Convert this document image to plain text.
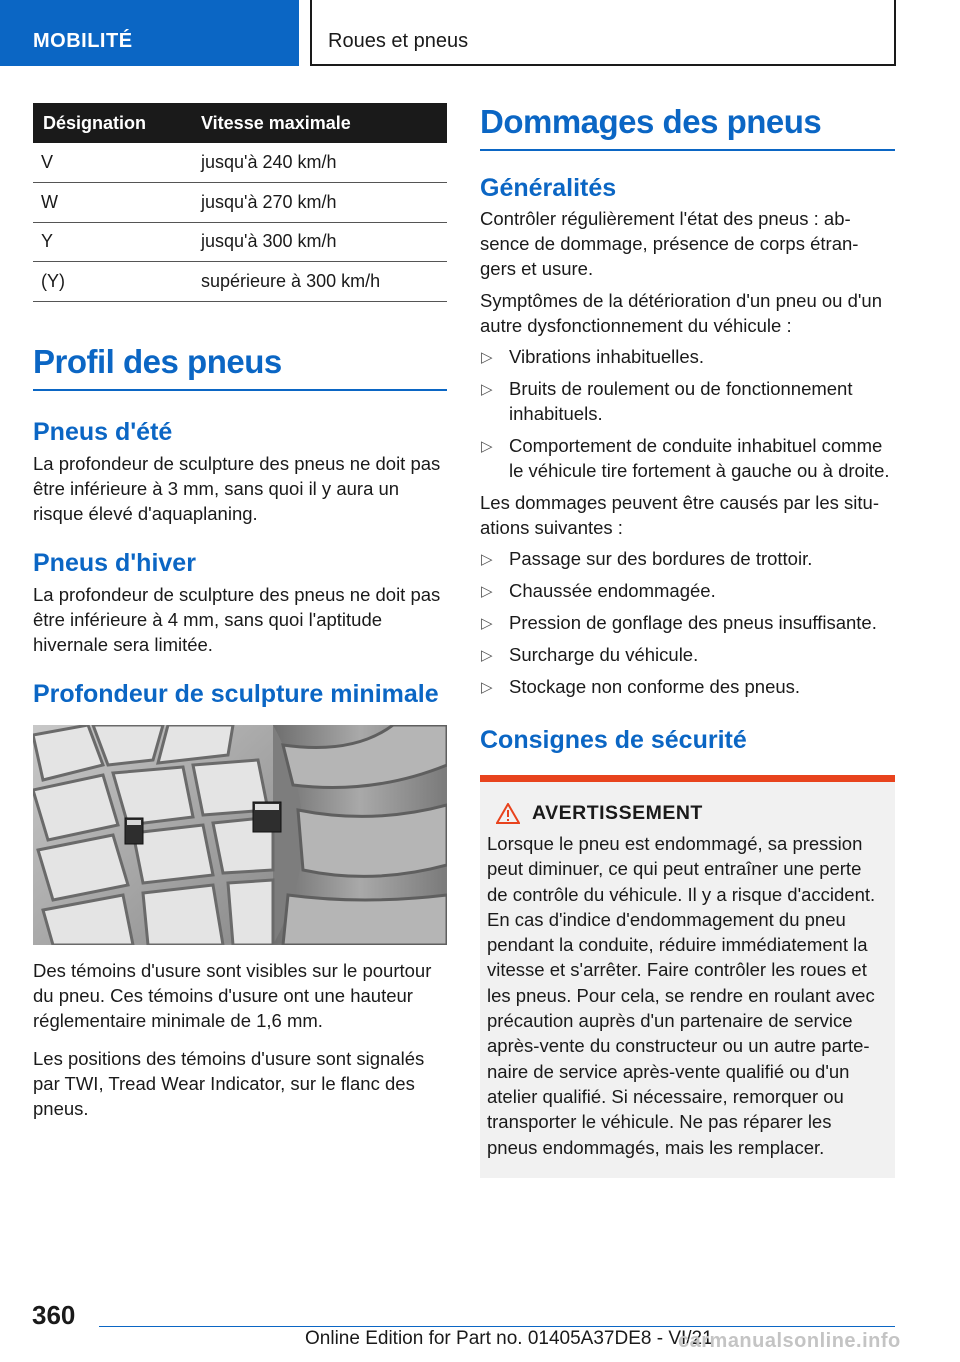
MOBILITÉ	Roues et pneus
Désignation	Vitesse maximale
V	jusqu'à 240 km/h
W	jusqu'à 270 km/h
Y	jusqu'à 300 km/h
(Y)	supérieure à 300 km/h
Profil des pneus
Pneus d'été

La profondeur de sculpture des pneus ne doit pas être inférieure à 3 mm, sans quoi il y aura un risque élevé d'aquaplaning.

Pneus d'hiver

La profondeur de sculpture des pneus ne doit pas être inférieure à 4 mm, sans quoi l'aptitude hivernale sera limitée.

Profondeur de sculpture minimale

Des témoins d'usure sont visibles sur le pourtour du pneu. Ces témoins d'usure ont une hauteur réglementaire minimale de 1,6 mm.

Les positions des témoins d'usure sont signalés par TWI, Tread Wear Indicator, sur le flanc des pneus.

Dommages des pneus
Généralités

Contrôler régulièrement l'état des pneus : ab- sence de dommage, présence de corps étran- gers et usure.

Symptômes de la détérioration d'un pneu ou d'un autre dysfonctionnement du véhicule :

▷ Vibrations inhabituelles.
▷ Bruits de roulement ou de fonctionnement inhabituels.
▷ Comportement de conduite inhabituel comme le véhicule tire fortement à gauche ou à droite.

Les dommages peuvent être causés par les situ- ations suivantes :

▷ Passage sur des bordures de trottoir.
▷ Chaussée endommagée.
▷ Pression de gonflage des pneus insuffisante.
▷ Surcharge du véhicule.
▷ Stockage non conforme des pneus.
Consignes de sécurité
AVERTISSEMENT

Lorsque le pneu est endommagé, sa pression peut diminuer, ce qui peut entraîner une perte de contrôle du véhicule. Il y a risque d'accident. En cas d'indice d'endommagement du pneu pendant la conduite, réduire immédiatement la vitesse et s'arrêter. Faire contrôler les roues et les pneus. Pour cela, se rendre en roulant avec précaution auprès d'un partenaire de service après-vente du constructeur ou un autre parte- naire de service après-vente qualifié ou d'un atelier qualifié. Si nécessaire, remorquer ou transporter le véhicule. Ne pas réparer les pneus endommagés, mais les remplacer.

360
Online Edition for Part no. 01405A37DE8 - VI/21
carmanualsonline.info
